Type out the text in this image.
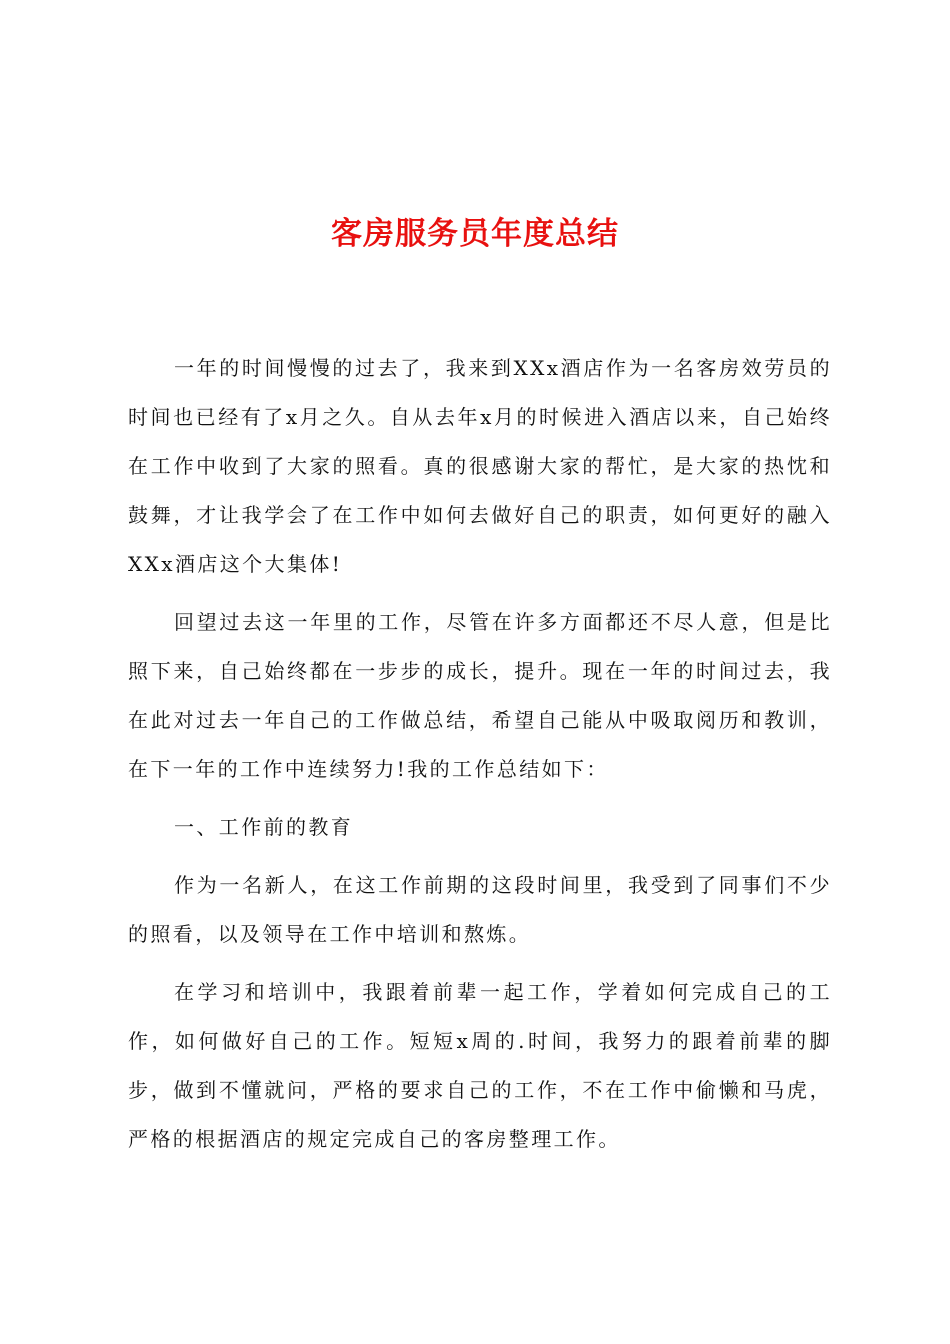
客房服务员年度总结

一年的时间慢慢的过去了，我来到XXx酒店作为一名客房效劳员的时间也已经有了x月之久。自从去年x月的时候进入酒店以来，自己始终在工作中收到了大家的照看。真的很感谢大家的帮忙，是大家的热忱和鼓舞，才让我学会了在工作中如何去做好自己的职责，如何更好的融入XXx酒店这个大集体!

回望过去这一年里的工作，尽管在许多方面都还不尽人意，但是比照下来，自己始终都在一步步的成长，提升。现在一年的时间过去，我在此对过去一年自己的工作做总结，希望自己能从中吸取阅历和教训，在下一年的工作中连续努力!我的工作总结如下：

一、工作前的教育

作为一名新人，在这工作前期的这段时间里，我受到了同事们不少的照看，以及领导在工作中培训和熬炼。

在学习和培训中，我跟着前辈一起工作，学着如何完成自己的工作，如何做好自己的工作。短短x周的.时间，我努力的跟着前辈的脚步，做到不懂就问，严格的要求自己的工作，不在工作中偷懒和马虎，严格的根据酒店的规定完成自己的客房整理工作。
